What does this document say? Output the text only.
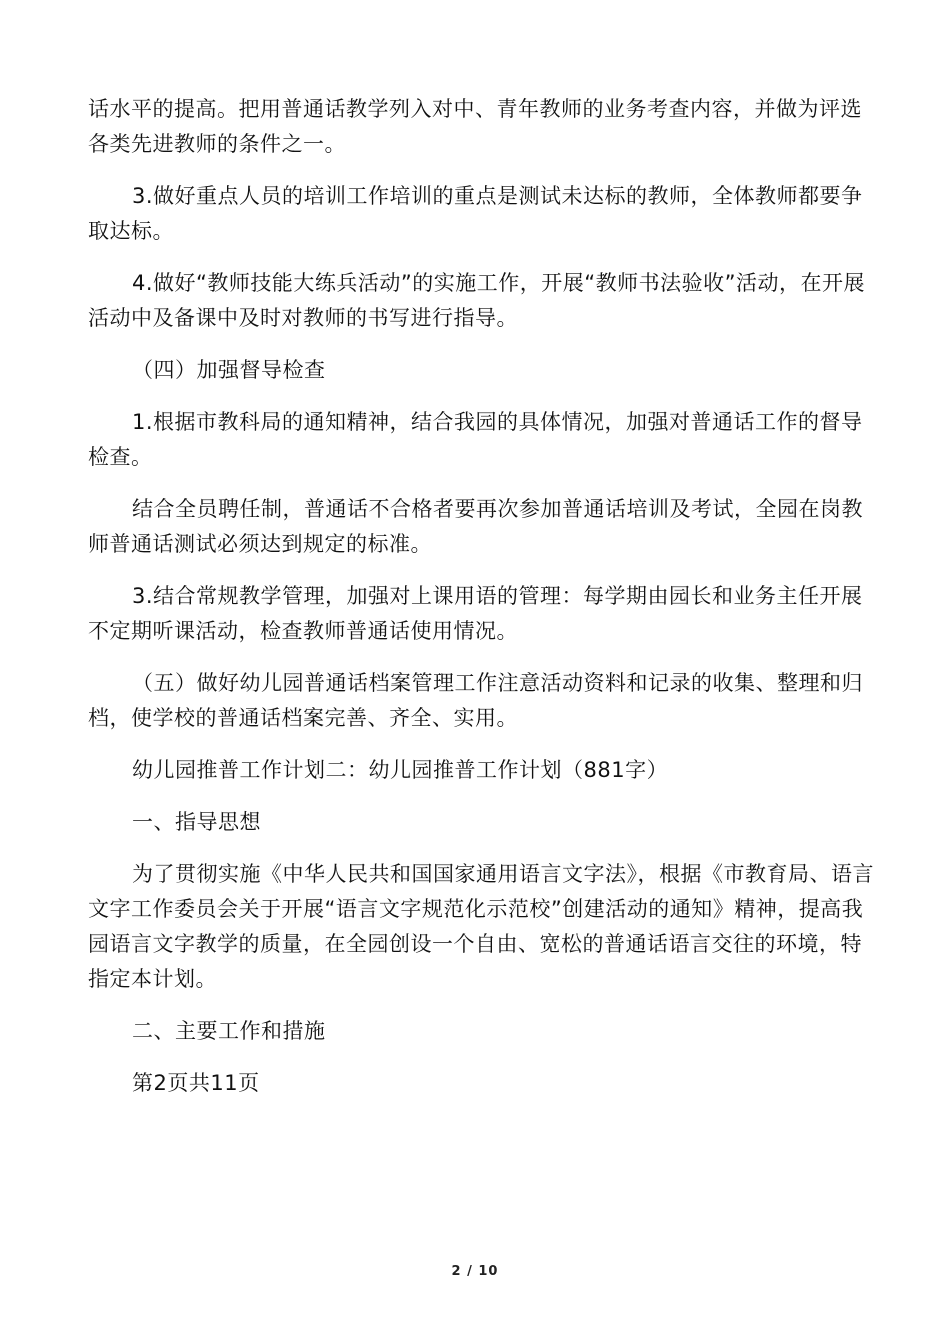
话水平的提高。把用普通话教学列入对中、青年教师的业务考查内容，并做为评选各类先进教师的条件之一。

3.做好重点人员的培训工作培训的重点是测试未达标的教师，全体教师都要争取达标。

4.做好“教师技能大练兵活动”的实施工作，开展“教师书法验收”活动，在开展活动中及备课中及时对教师的书写进行指导。

（四）加强督导检查

1.根据市教科局的通知精神，结合我园的具体情况，加强对普通话工作的督导检查。

结合全员聘任制，普通话不合格者要再次参加普通话培训及考试，全园在岗教师普通话测试必须达到规定的标准。

3.结合常规教学管理，加强对上课用语的管理：每学期由园长和业务主任开展不定期听课活动，检查教师普通话使用情况。

（五）做好幼儿园普通话档案管理工作注意活动资料和记录的收集、整理和归档，使学校的普通话档案完善、齐全、实用。

幼儿园推普工作计划二：幼儿园推普工作计划（881字）

一、指导思想

为了贯彻实施《中华人民共和国国家通用语言文字法》，根据《市教育局、语言文字工作委员会关于开展“语言文字规范化示范校”创建活动的通知》精神，提高我园语言文字教学的质量，在全园创设一个自由、宽松的普通话语言交往的环境，特指定本计划。

二、主要工作和措施

第2页共11页

2 / 10
